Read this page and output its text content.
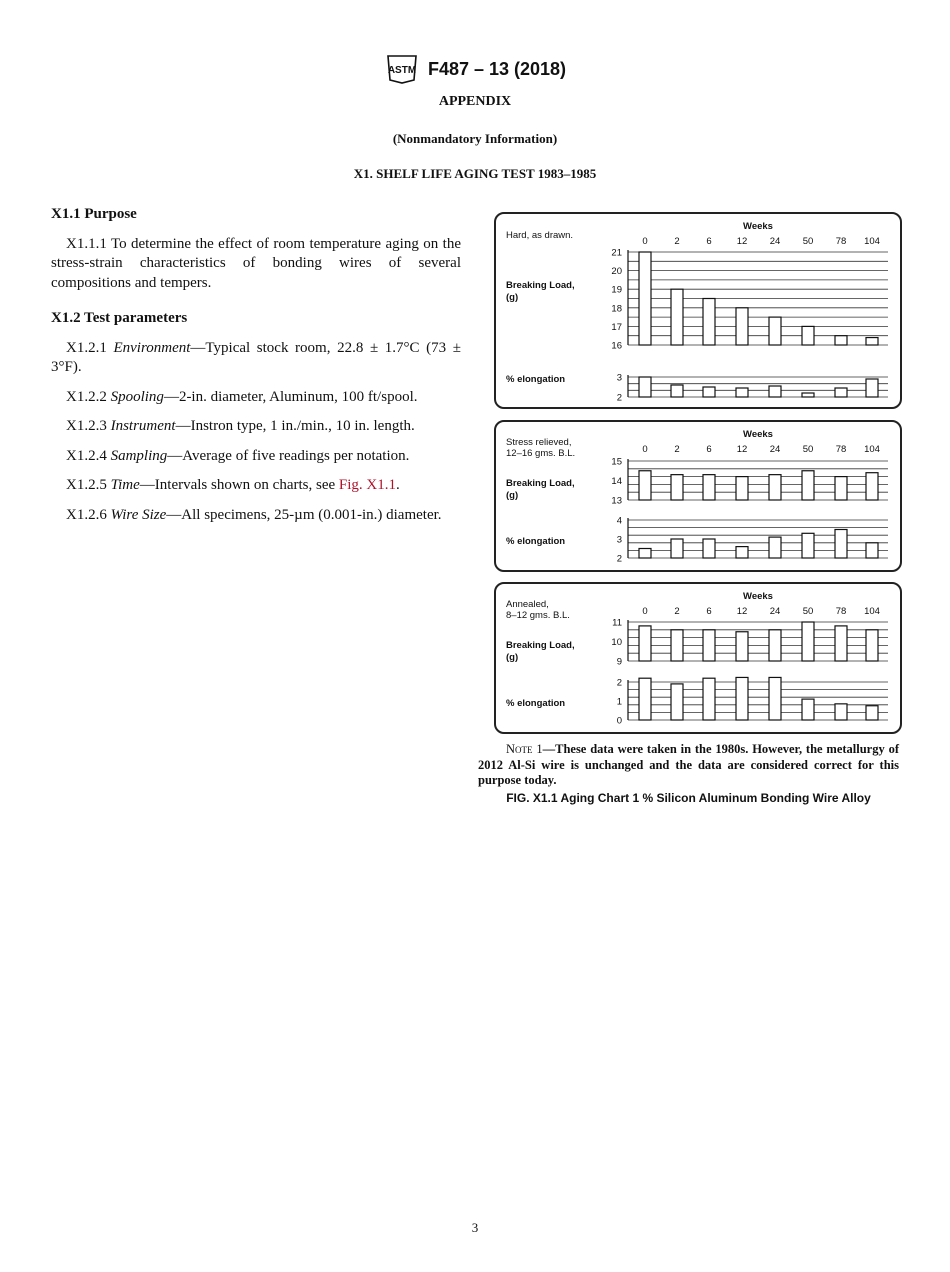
ASTM F487 – 13 (2018)
APPENDIX
(Nonmandatory Information)
X1. SHELF LIFE AGING TEST 1983–1985
X1.1 Purpose

X1.1.1 To determine the effect of room temperature aging on the stress-strain characteristics of bonding wires of several compositions and tempers.

X1.2 Test parameters

X1.2.1 Environment—Typical stock room, 22.8 ± 1.7°C (73 ± 3°F).

X1.2.2 Spooling—2-in. diameter, Aluminum, 100 ft/spool.

X1.2.3 Instrument—Instron type, 1 in./min., 10 in. length.

X1.2.4 Sampling—Average of five readings per notation.

X1.2.5 Time—Intervals shown on charts, see Fig. X1.1.

X1.2.6 Wire Size—All specimens, 25-µm (0.001-in.) diameter.

Hard, as drawn.
Weeks
0	2	6	12 24 50 78 104
Breaking Load,
(g)
% elongation
21
20
19
18
17
16
3
2
Stress relieved,
12–16 gms. B.L.
Weeks
0	2	6	12 24 50 78 104
Breaking Load,
(g)
% elongation
15
14
13
4
3
2
Annealed,
8–12 gms. B.L.
Weeks
0	2	6	12 24 50 78 104
Breaking Load,
(g)
% elongation
11
10
9
2
1
0
Note 1—These data were taken in the 1980s. However, the metallurgy of 2012 Al-Si wire is unchanged and the data are considered correct for this purpose today.
FIG. X1.1 Aging Chart 1 % Silicon Aluminum Bonding Wire Alloy
3
